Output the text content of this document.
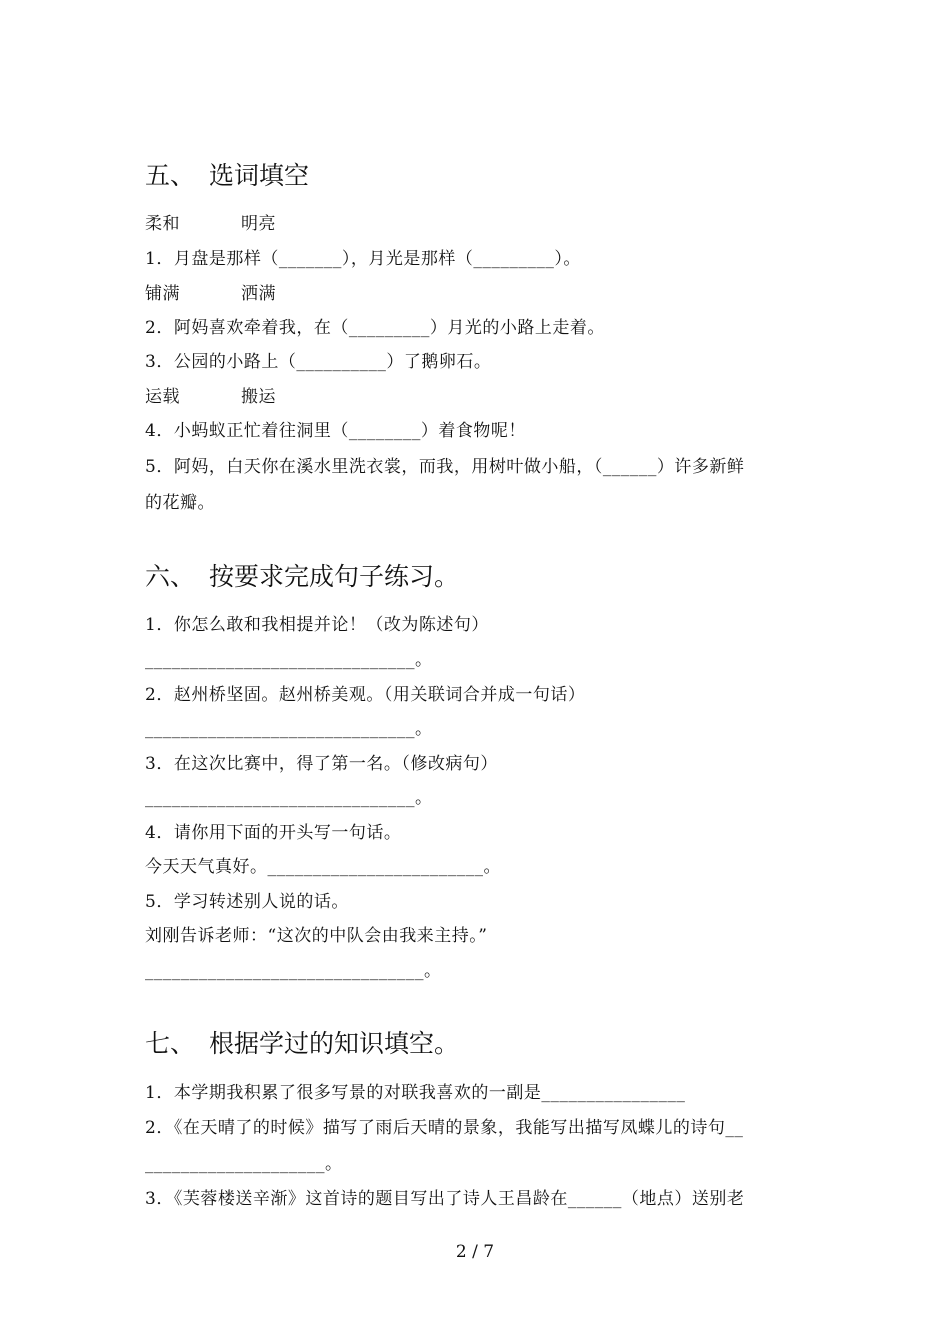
五、 选词填空
柔和	明亮
1．月盘是那样（_______），月光是那样（_________）。
铺满	洒满
2．阿妈喜欢牵着我，在（_________）月光的小路上走着。
3．公园的小路上（__________）了鹅卵石。
运载	搬运
4．小蚂蚁正忙着往洞里（________）着食物呢！
5．阿妈，白天你在溪水里洗衣裳，而我，用树叶做小船，（______）许多新鲜
的花瓣。
六、 按要求完成句子练习。
1．你怎么敢和我相提并论！（改为陈述句）
______________________________。
2．赵州桥坚固。赵州桥美观。（用关联词合并成一句话）
______________________________。
3．在这次比赛中，得了第一名。（修改病句）
______________________________。
4．请你用下面的开头写一句话。
今天天气真好。________________________。
5．学习转述别人说的话。
刘刚告诉老师：“这次的中队会由我来主持。”
_______________________________。
七、 根据学过的知识填空。
1．本学期我积累了很多写景的对联我喜欢的一副是________________
2．《在天晴了的时候》描写了雨后天晴的景象，我能写出描写凤蝶儿的诗句__
____________________。
3．《芙蓉楼送辛渐》这首诗的题目写出了诗人王昌龄在______（地点）送别老
2 / 7
